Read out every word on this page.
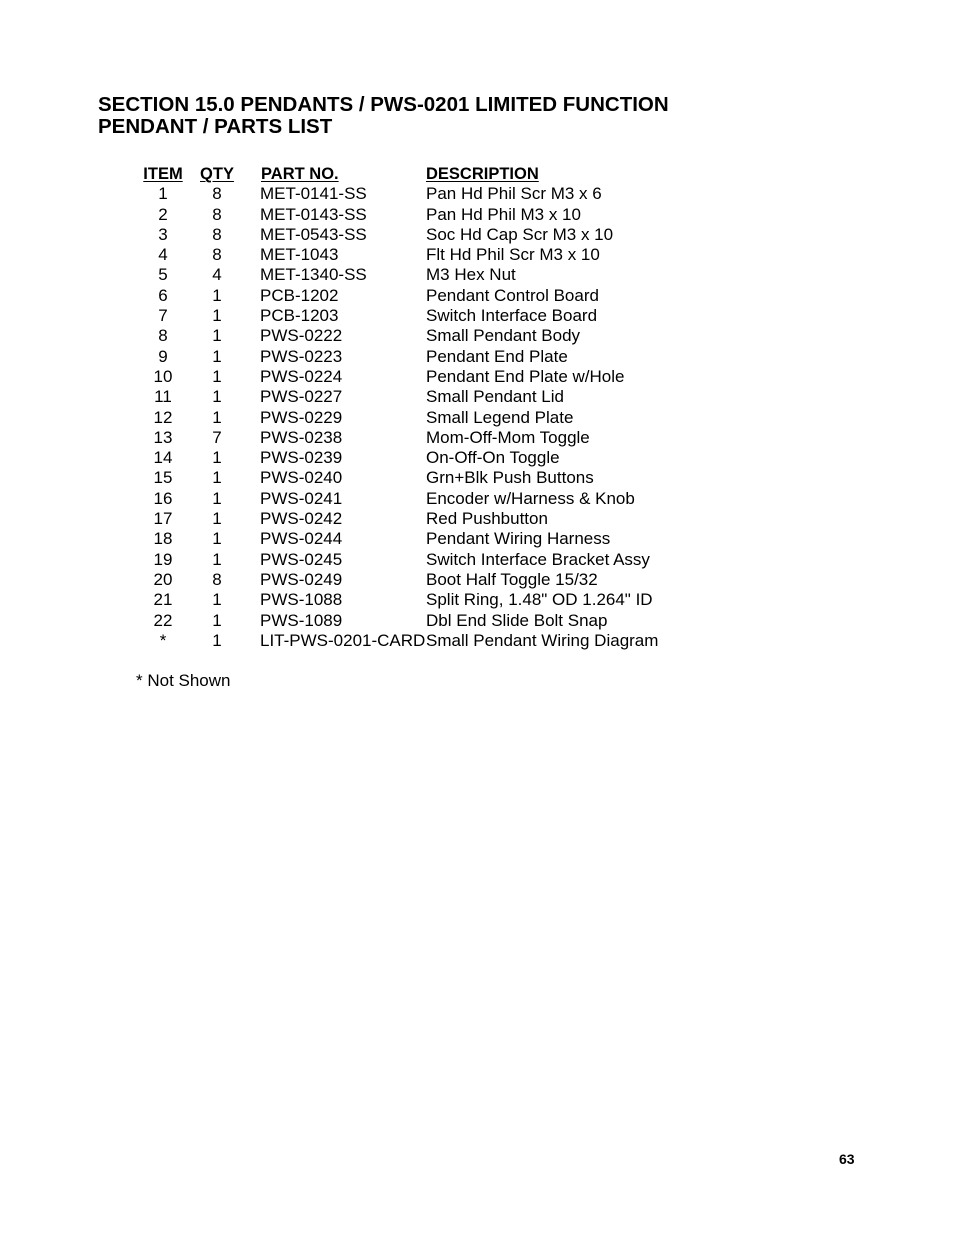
SECTION 15.0 PENDANTS / PWS-0201 LIMITED FUNCTION
PENDANT / PARTS LIST
ITEM	QTY	PART NO.	DESCRIPTION
1	8	MET-0141-SS	Pan Hd Phil Scr M3 x 6
2	8	MET-0143-SS	Pan Hd Phil M3 x 10
3	8	MET-0543-SS	Soc Hd Cap Scr M3 x 10
4	8	MET-1043	Flt Hd Phil Scr M3 x 10
5	4	MET-1340-SS	M3 Hex Nut
6	1	PCB-1202	Pendant Control Board
7	1	PCB-1203	Switch Interface Board
8	1	PWS-0222	Small Pendant Body
9	1	PWS-0223	Pendant End Plate
10	1	PWS-0224	Pendant End Plate w/Hole
11	1	PWS-0227	Small Pendant Lid
12	1	PWS-0229	Small Legend Plate
13	7	PWS-0238	Mom-Off-Mom Toggle
14	1	PWS-0239	On-Off-On Toggle
15	1	PWS-0240	Grn+Blk Push Buttons
16	1	PWS-0241	Encoder w/Harness & Knob
17	1	PWS-0242	Red Pushbutton
18	1	PWS-0244	Pendant Wiring Harness
19	1	PWS-0245	Switch Interface Bracket Assy
20	8	PWS-0249	Boot Half Toggle 15/32
21	1	PWS-1088	Split Ring, 1.48" OD 1.264" ID
22	1	PWS-1089	Dbl End Slide Bolt Snap
*	1	LIT-PWS-0201-CARD	Small Pendant Wiring Diagram
* Not Shown
63
